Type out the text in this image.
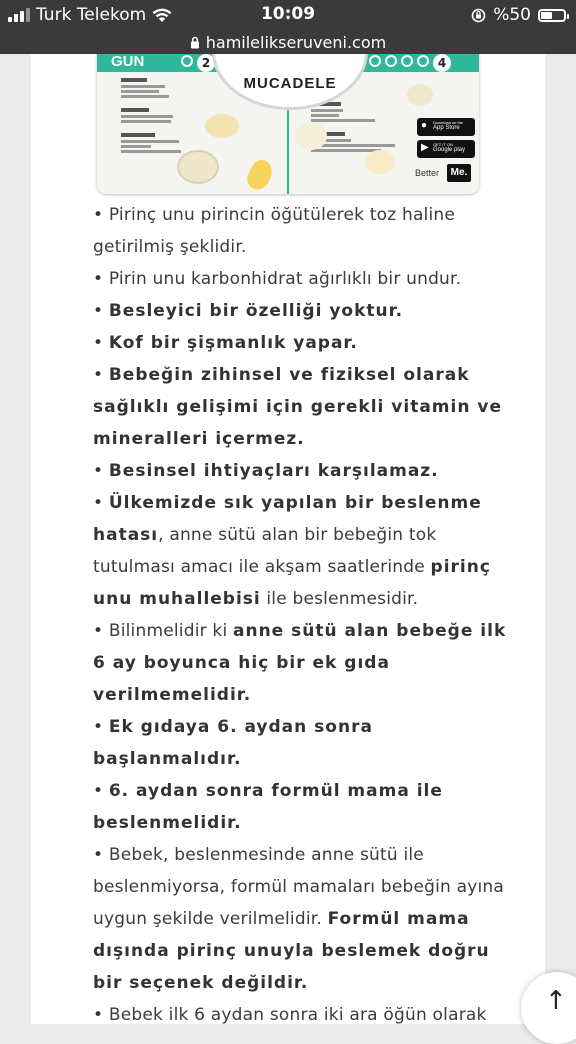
Turk Telekom	10:09	%50
hamilelikseruveni.com
GUN	2	4
MUCADELE
● Download on the
App Store
▶ GET IT ON
Google play
Better	Me.

• Pirinç unu pirincin öğütülerek toz haline getirilmiş şeklidir.

• Pirin unu karbonhidrat ağırlıklı bir undur.

• Besleyici bir özelliği yoktur.

• Kof bir şişmanlık yapar.

• Bebeğin zihinsel ve fiziksel olarak sağlıklı gelişimi için gerekli vitamin ve mineralleri içermez.

• Besinsel ihtiyaçları karşılamaz.

• Ülkemizde sık yapılan bir beslenme hatası, anne sütü alan bir bebeğin tok tutulması amacı ile akşam saatlerinde pirinç unu muhallebisi ile beslenmesidir.

• Bilinmelidir ki anne sütü alan bebeğe ilk 6 ay boyunca hiç bir ek gıda verilmemelidir.

• Ek gıdaya 6. aydan sonra başlanmalıdır.

• 6. aydan sonra formül mama ile beslenmelidir.

• Bebek, beslenmesinde anne sütü ile beslenmiyorsa, formül mamaları bebeğin ayına uygun şekilde verilmelidir. Formül mama dışında pirinç unuyla beslemek doğru bir seçenek değildir.

• Bebek ilk 6 aydan sonra iki ara öğün olarak	↑
